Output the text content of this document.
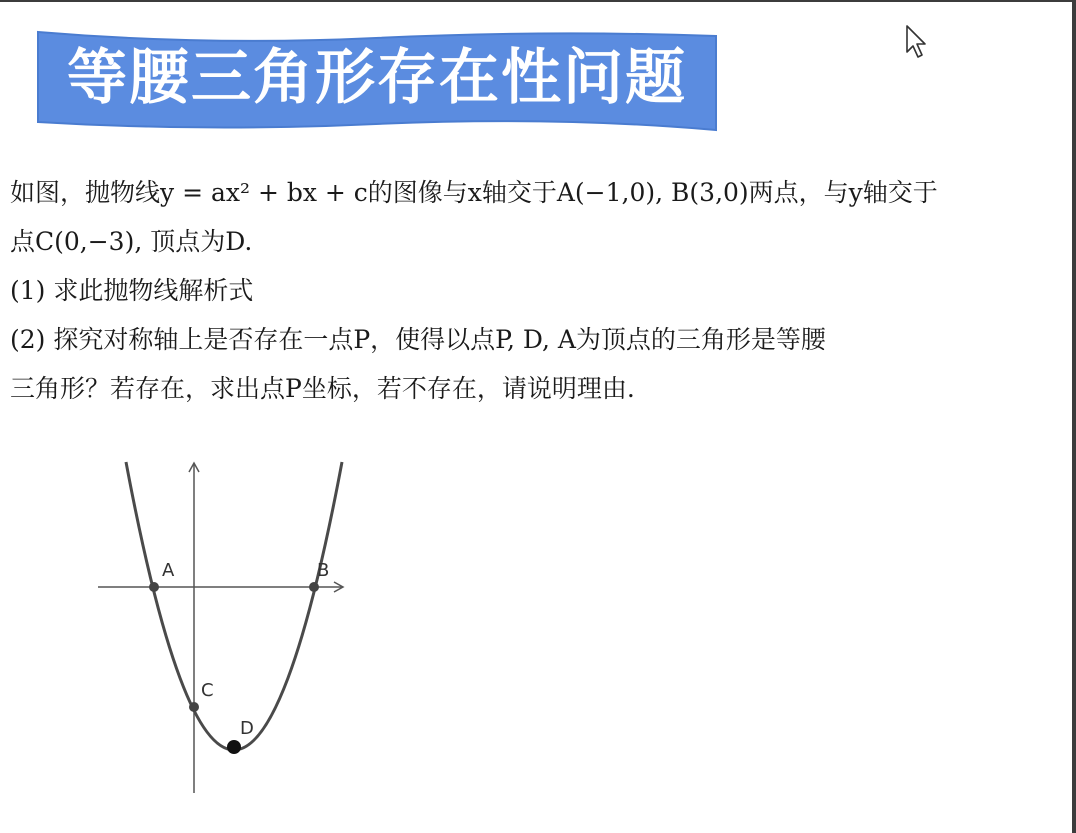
等腰三角形存在性问题
如图，抛物线y = ax² + bx + c的图像与x轴交于A(−1,0), B(3,0)两点，与y轴交于
点C(0,−3), 顶点为D.
(1) 求此抛物线解析式
(2) 探究对称轴上是否存在一点P，使得以点P, D, A为顶点的三角形是等腰
三角形？若存在，求出点P坐标，若不存在，请说明理由.
A	B
C
D
